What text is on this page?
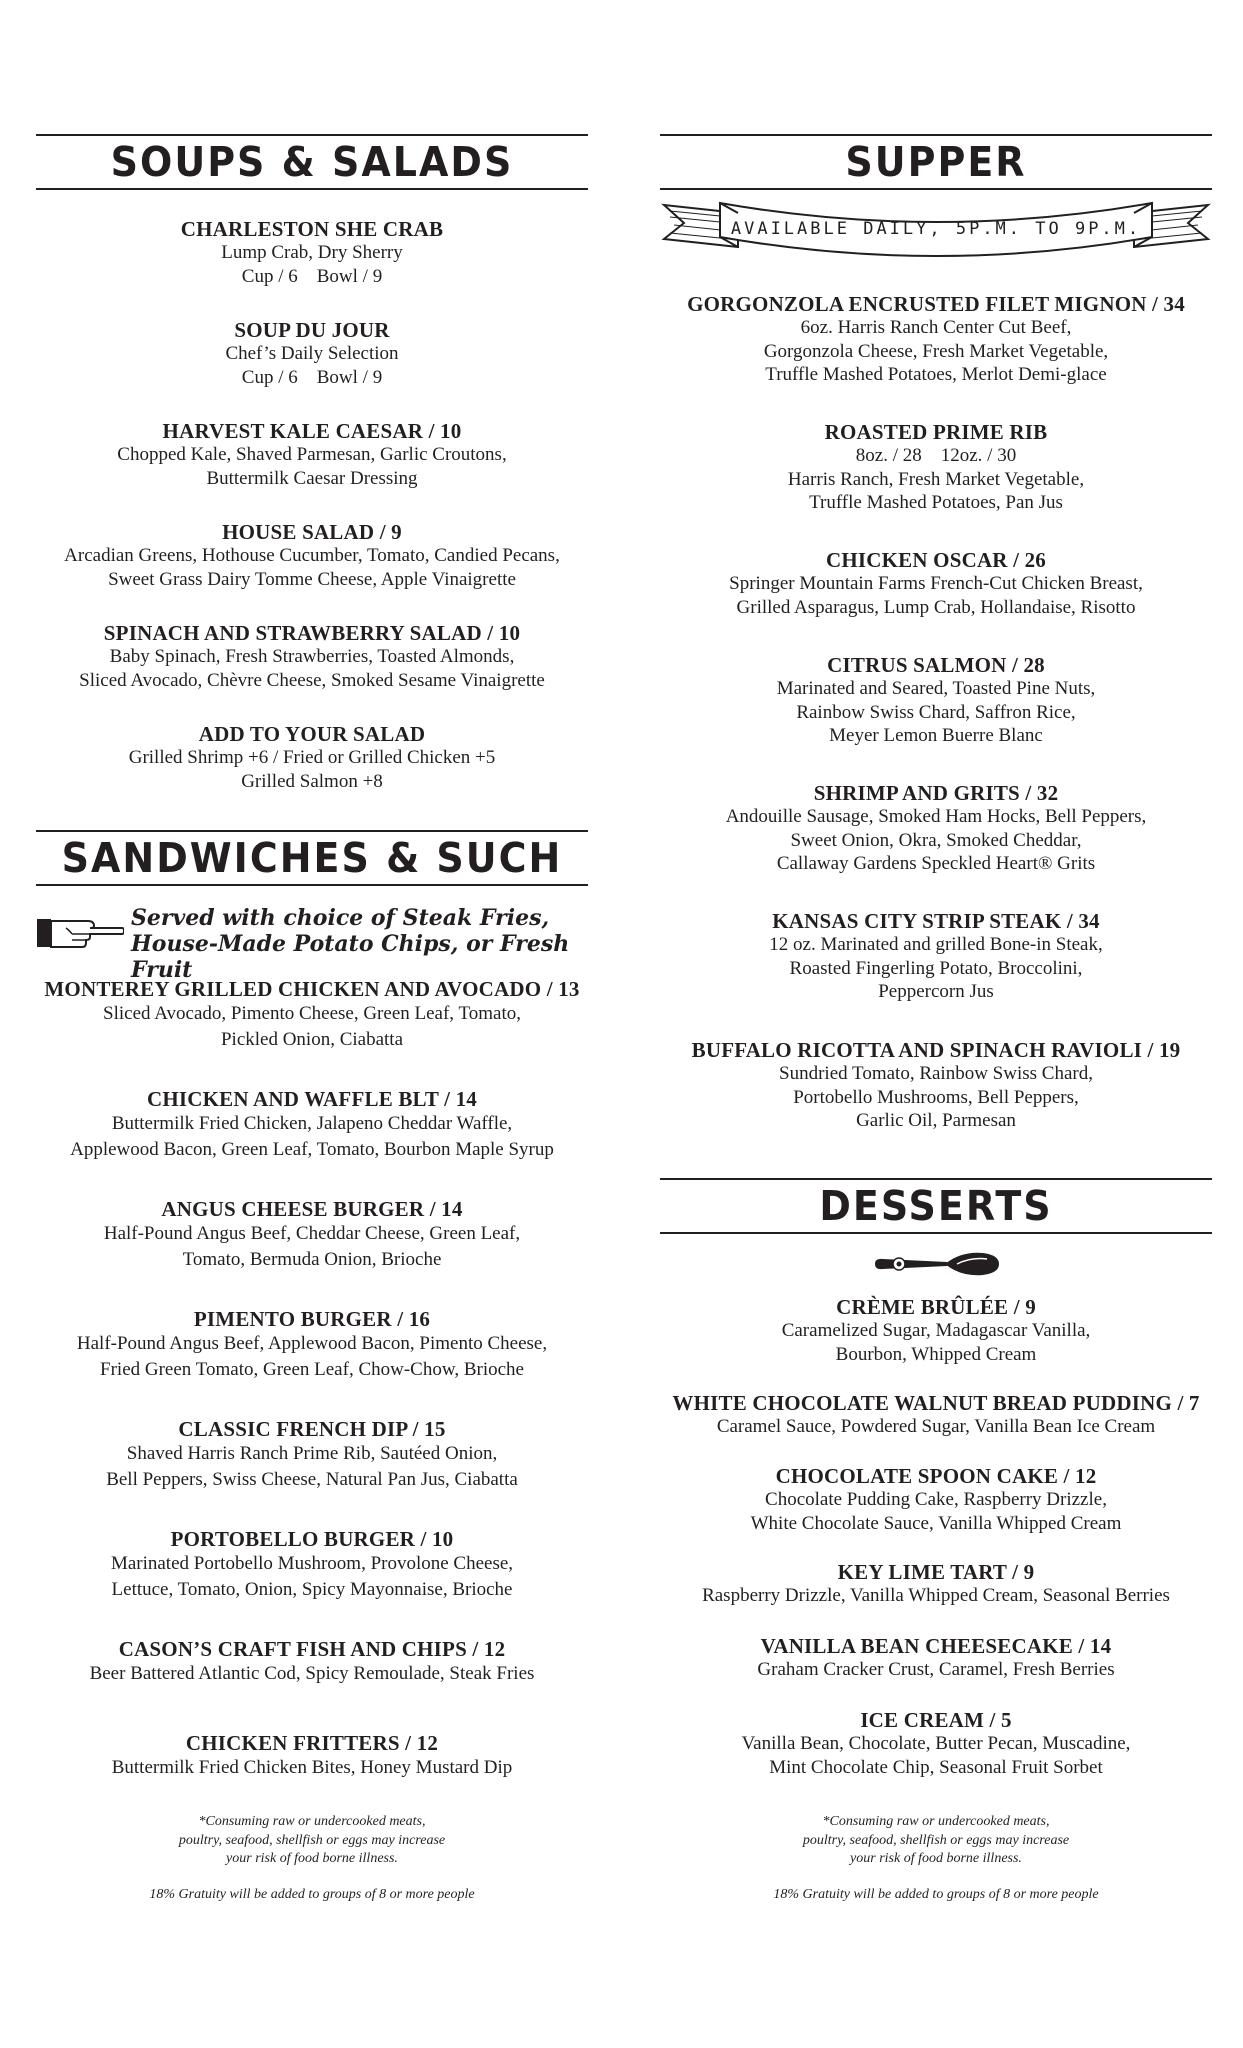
SOUPS & SALADS
CHARLESTON SHE CRAB
Lump Crab, Dry Sherry
Cup / 6    Bowl / 9
SOUP DU JOUR
Chef’s Daily Selection
Cup / 6    Bowl / 9
HARVEST KALE CAESAR / 10
Chopped Kale, Shaved Parmesan, Garlic Croutons,
Buttermilk Caesar Dressing
HOUSE SALAD / 9
Arcadian Greens, Hothouse Cucumber, Tomato, Candied Pecans,
Sweet Grass Dairy Tomme Cheese, Apple Vinaigrette
SPINACH AND STRAWBERRY SALAD / 10
Baby Spinach, Fresh Strawberries, Toasted Almonds,
Sliced Avocado, Chèvre Cheese, Smoked Sesame Vinaigrette
ADD TO YOUR SALAD
Grilled Shrimp +6 / Fried or Grilled Chicken +5
Grilled Salmon +8
SANDWICHES & SUCH
Served with choice of Steak Fries,
House-Made Potato Chips, or Fresh Fruit
MONTEREY GRILLED CHICKEN AND AVOCADO / 13
Sliced Avocado, Pimento Cheese, Green Leaf, Tomato,
Pickled Onion, Ciabatta
CHICKEN AND WAFFLE BLT / 14
Buttermilk Fried Chicken, Jalapeno Cheddar Waffle,
Applewood Bacon, Green Leaf, Tomato, Bourbon Maple Syrup
ANGUS CHEESE BURGER / 14
Half-Pound Angus Beef, Cheddar Cheese, Green Leaf,
Tomato, Bermuda Onion, Brioche
PIMENTO BURGER / 16
Half-Pound Angus Beef, Applewood Bacon, Pimento Cheese,
Fried Green Tomato, Green Leaf, Chow-Chow, Brioche
CLASSIC FRENCH DIP / 15
Shaved Harris Ranch Prime Rib, Sautéed Onion,
Bell Peppers, Swiss Cheese, Natural Pan Jus, Ciabatta
PORTOBELLO BURGER / 10
Marinated Portobello Mushroom, Provolone Cheese,
Lettuce, Tomato, Onion, Spicy Mayonnaise, Brioche
CASON’S CRAFT FISH AND CHIPS / 12
Beer Battered Atlantic Cod, Spicy Remoulade, Steak Fries
CHICKEN FRITTERS / 12
Buttermilk Fried Chicken Bites, Honey Mustard Dip
*Consuming raw or undercooked meats,
poultry, seafood, shellfish or eggs may increase
your risk of food borne illness.
18% Gratuity will be added to groups of 8 or more people
SUPPER
AVAILABLE DAILY, 5P.M. TO 9P.M.
GORGONZOLA ENCRUSTED FILET MIGNON / 34
6oz. Harris Ranch Center Cut Beef,
Gorgonzola Cheese, Fresh Market Vegetable,
Truffle Mashed Potatoes, Merlot Demi-glace
ROASTED PRIME RIB
8oz. / 28    12oz. / 30
Harris Ranch, Fresh Market Vegetable,
Truffle Mashed Potatoes, Pan Jus
CHICKEN OSCAR / 26
Springer Mountain Farms French-Cut Chicken Breast,
Grilled Asparagus, Lump Crab, Hollandaise, Risotto
CITRUS SALMON / 28
Marinated and Seared, Toasted Pine Nuts,
Rainbow Swiss Chard, Saffron Rice,
Meyer Lemon Buerre Blanc
SHRIMP AND GRITS / 32
Andouille Sausage, Smoked Ham Hocks, Bell Peppers,
Sweet Onion, Okra, Smoked Cheddar,
Callaway Gardens Speckled Heart® Grits
KANSAS CITY STRIP STEAK / 34
12 oz. Marinated and grilled Bone-in Steak,
Roasted Fingerling Potato, Broccolini,
Peppercorn Jus
BUFFALO RICOTTA AND SPINACH RAVIOLI / 19
Sundried Tomato, Rainbow Swiss Chard,
Portobello Mushrooms, Bell Peppers,
Garlic Oil, Parmesan
DESSERTS
CRÈME BRÛLÉE / 9
Caramelized Sugar, Madagascar Vanilla,
Bourbon, Whipped Cream
WHITE CHOCOLATE WALNUT BREAD PUDDING / 7
Caramel Sauce, Powdered Sugar, Vanilla Bean Ice Cream
CHOCOLATE SPOON CAKE / 12
Chocolate Pudding Cake, Raspberry Drizzle,
White Chocolate Sauce, Vanilla Whipped Cream
KEY LIME TART / 9
Raspberry Drizzle, Vanilla Whipped Cream, Seasonal Berries
VANILLA BEAN CHEESECAKE / 14
Graham Cracker Crust, Caramel, Fresh Berries
ICE CREAM / 5
Vanilla Bean, Chocolate, Butter Pecan, Muscadine,
Mint Chocolate Chip, Seasonal Fruit Sorbet
*Consuming raw or undercooked meats,
poultry, seafood, shellfish or eggs may increase
your risk of food borne illness.
18% Gratuity will be added to groups of 8 or more people
